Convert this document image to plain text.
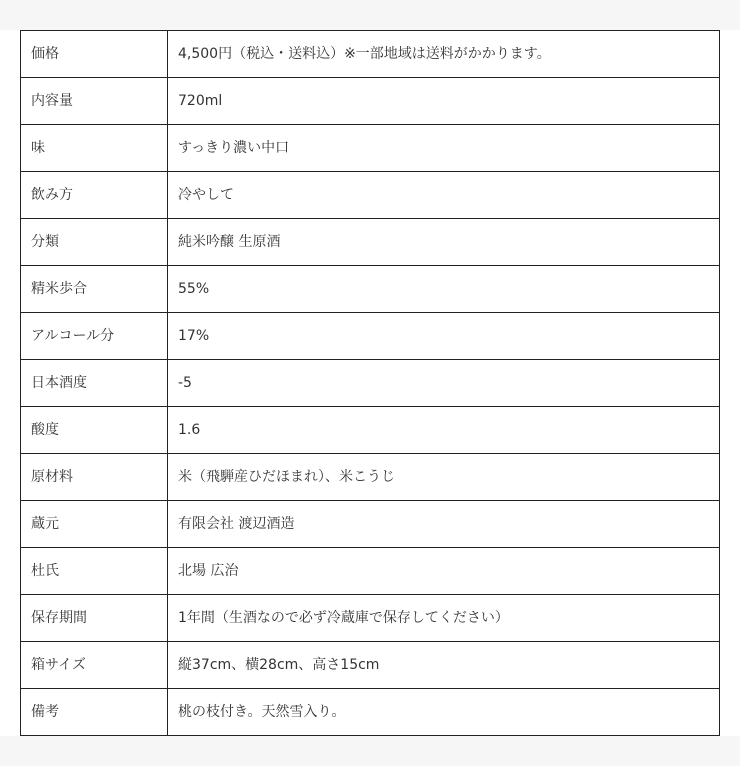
価格	4,500円（税込・送料込）※一部地域は送料がかかります。
内容量	720ml
味	すっきり濃い中口
飲み方	冷やして
分類	純米吟醸 生原酒
精米歩合	55%
アルコール分	17%
日本酒度	-5
酸度	1.6
原材料	米（飛騨産ひだほまれ）、米こうじ
蔵元	有限会社 渡辺酒造
杜氏	北場 広治
保存期間	1年間（生酒なので必ず冷蔵庫で保存してください）
箱サイズ	縦37cm、横28cm、高さ15cm
備考	桃の枝付き。天然雪入り。
